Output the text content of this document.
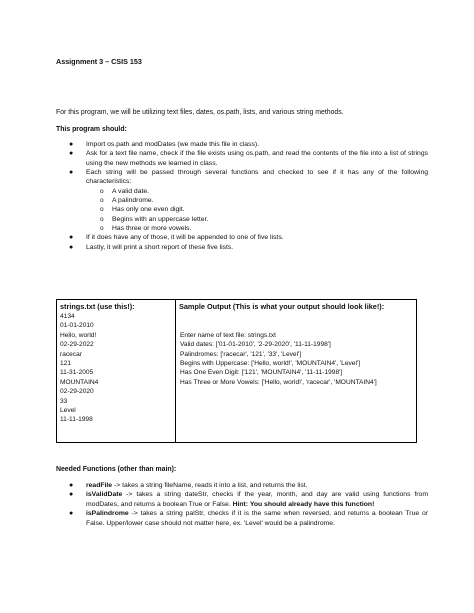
Assignment 3 – CSIS 153
For this program, we will be utilizing text files, dates, os.path, lists, and various string methods.
This program should:
● Import os.path and modDates (we made this file in class).
● Ask for a text file name, check if the file exists using os.path, and read the contents of the file into a list of strings using the new methods we learned in class.
● Each string will be passed through several functions and checked to see if it has any of the following characteristics:
o A valid date.
o A palindrome.
o Has only one even digit.
o Begins with an uppercase letter.
o Has three or more vowels.
● If it does have any of those, it will be appended to one of five lists.
● Lastly, it will print a short report of these five lists.
strings.txt (use this!):
4134
01-01-2010
Hello, world!
02-29-2022
racecar
121
11-31-2005
MOUNTAIN4
02-29-2020
33
Level
11-11-1998

Sample Output (This is what your output should look like!):
Enter name of text file: strings.txt
Valid dates: ['01-01-2010', '2-29-2020', '11-11-1998']
Palindromes: ['racecar', '121', '33', 'Level']
Begins with Uppercase: ['Hello, world!', 'MOUNTAIN4', 'Level']
Has One Even Digit: ['121', 'MOUNTAIN4', '11-11-1998']
Has Three or More Vowels: ['Hello, world!', 'racecar', 'MOUNTAIN4']
Needed Functions (other than main):
● readFile -> takes a string fileName, reads it into a list, and returns the list.
● isValidDate -> takes a string dateStr, checks if the year, month, and day are valid using functions from modDates, and returns a boolean True or False. Hint: You should already have this function!
● isPalindrome -> takes a string palStr, checks if it is the same when reversed, and returns a boolean True or False. Upper/lower case should not matter here, ex. 'Level' would be a palindrome.
